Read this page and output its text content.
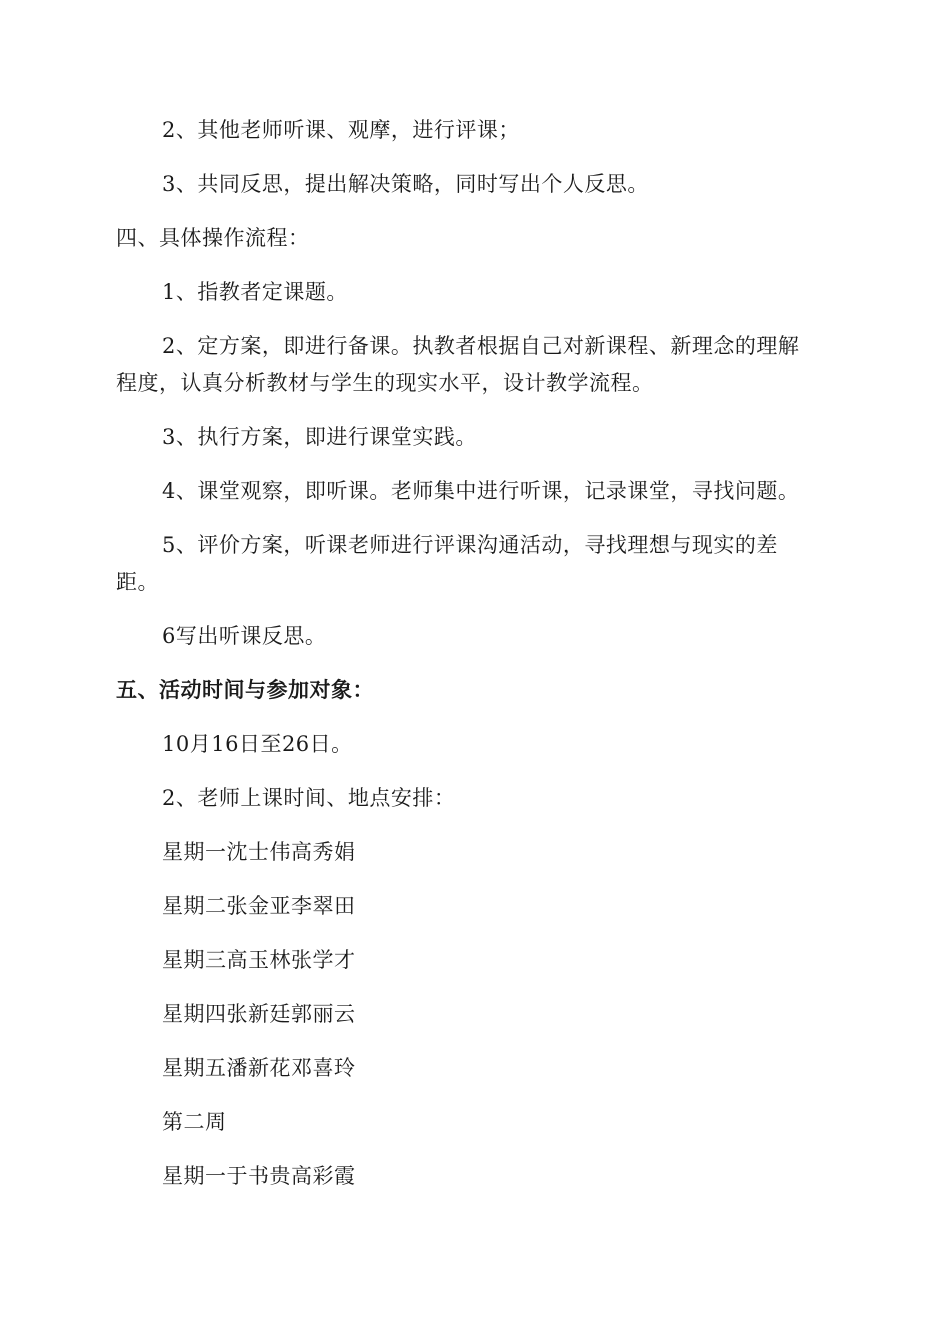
2、其他老师听课、观摩，进行评课；

3、共同反思，提出解决策略，同时写出个人反思。

四、具体操作流程：

1、指教者定课题。

2、定方案，即进行备课。执教者根据自己对新课程、新理念的理解

程度，认真分析教材与学生的现实水平，设计教学流程。

3、执行方案，即进行课堂实践。

4、课堂观察，即听课。老师集中进行听课，记录课堂，寻找问题。

5、评价方案，听课老师进行评课沟通活动，寻找理想与现实的差

距。

6写出听课反思。

五、活动时间与参加对象：

10月16日至26日。

2、老师上课时间、地点安排：

星期一沈士伟高秀娟

星期二张金亚李翠田

星期三高玉林张学才

星期四张新廷郭丽云

星期五潘新花邓喜玲

第二周

星期一于书贵高彩霞
